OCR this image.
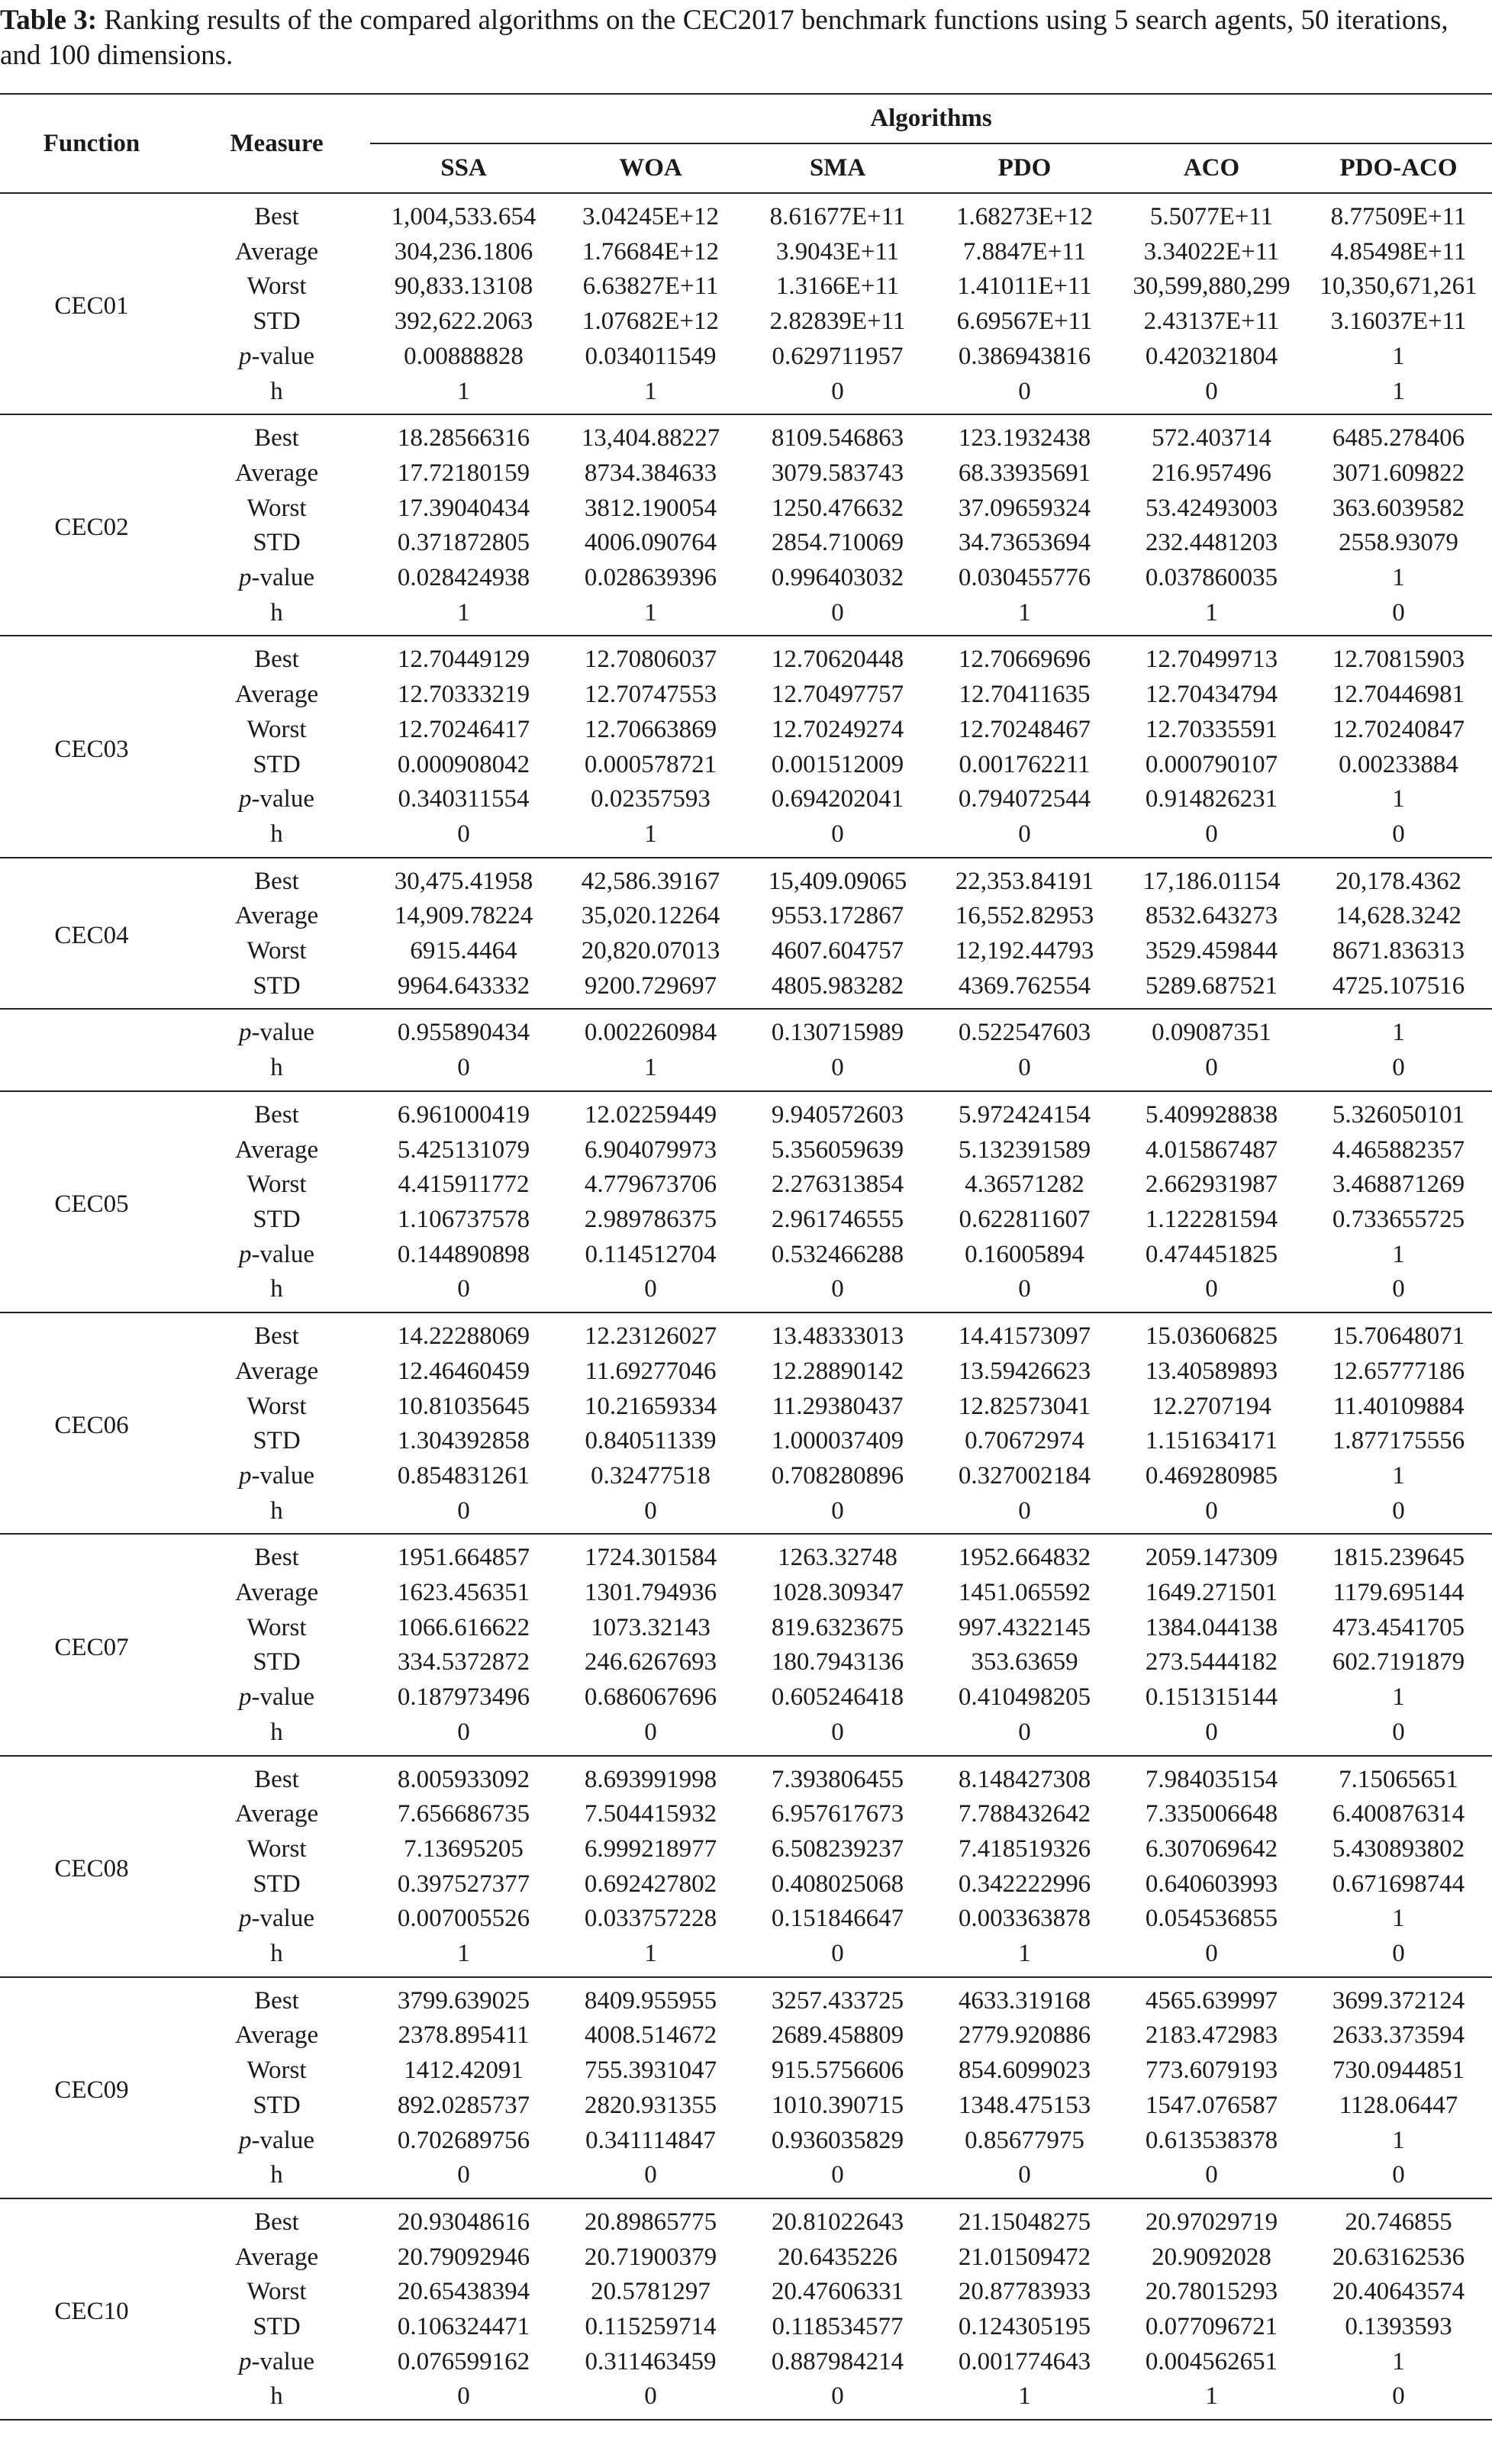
Table 3: Ranking results of the compared algorithms on the CEC2017 benchmark functions using 5 search agents, 50 iterations, and 100 dimensions.
Function	Measure	Algorithms					
		SSA	WOA	SMA	PDO	ACO	PDO-ACO
CEC01	Best	1,004,533.654	3.04245E+12	8.61677E+11	1.68273E+12	5.5077E+11	8.77509E+11
	Average	304,236.1806	1.76684E+12	3.9043E+11	7.8847E+11	3.34022E+11	4.85498E+11
	Worst	90,833.13108	6.63827E+11	1.3166E+11	1.41011E+11	30,599,880,299	10,350,671,261
	STD	392,622.2063	1.07682E+12	2.82839E+11	6.69567E+11	2.43137E+11	3.16037E+11
	p-value	0.00888828	0.034011549	0.629711957	0.386943816	0.420321804	1
	h	1	1	0	0	0	1
CEC02	Best	18.28566316	13,404.88227	8109.546863	123.1932438	572.403714	6485.278406
	Average	17.72180159	8734.384633	3079.583743	68.33935691	216.957496	3071.609822
	Worst	17.39040434	3812.190054	1250.476632	37.09659324	53.42493003	363.6039582
	STD	0.371872805	4006.090764	2854.710069	34.73653694	232.4481203	2558.93079
	p-value	0.028424938	0.028639396	0.996403032	0.030455776	0.037860035	1
	h	1	1	0	1	1	0
CEC03	Best	12.70449129	12.70806037	12.70620448	12.70669696	12.70499713	12.70815903
	Average	12.70333219	12.70747553	12.70497757	12.70411635	12.70434794	12.70446981
	Worst	12.70246417	12.70663869	12.70249274	12.70248467	12.70335591	12.70240847
	STD	0.000908042	0.000578721	0.001512009	0.001762211	0.000790107	0.00233884
	p-value	0.340311554	0.02357593	0.694202041	0.794072544	0.914826231	1
	h	0	1	0	0	0	0
CEC04	Best	30,475.41958	42,586.39167	15,409.09065	22,353.84191	17,186.01154	20,178.4362
	Average	14,909.78224	35,020.12264	9553.172867	16,552.82953	8532.643273	14,628.3242
	Worst	6915.4464	20,820.07013	4607.604757	12,192.44793	3529.459844	8671.836313
	STD	9964.643332	9200.729697	4805.983282	4369.762554	5289.687521	4725.107516
	p-value	0.955890434	0.002260984	0.130715989	0.522547603	0.09087351	1
	h	0	1	0	0	0	0
CEC05	Best	6.961000419	12.02259449	9.940572603	5.972424154	5.409928838	5.326050101
	Average	5.425131079	6.904079973	5.356059639	5.132391589	4.015867487	4.465882357
	Worst	4.415911772	4.779673706	2.276313854	4.36571282	2.662931987	3.468871269
	STD	1.106737578	2.989786375	2.961746555	0.622811607	1.122281594	0.733655725
	p-value	0.144890898	0.114512704	0.532466288	0.16005894	0.474451825	1
	h	0	0	0	0	0	0
CEC06	Best	14.22288069	12.23126027	13.48333013	14.41573097	15.03606825	15.70648071
	Average	12.46460459	11.69277046	12.28890142	13.59426623	13.40589893	12.65777186
	Worst	10.81035645	10.21659334	11.29380437	12.82573041	12.2707194	11.40109884
	STD	1.304392858	0.840511339	1.000037409	0.70672974	1.151634171	1.877175556
	p-value	0.854831261	0.32477518	0.708280896	0.327002184	0.469280985	1
	h	0	0	0	0	0	0
CEC07	Best	1951.664857	1724.301584	1263.32748	1952.664832	2059.147309	1815.239645
	Average	1623.456351	1301.794936	1028.309347	1451.065592	1649.271501	1179.695144
	Worst	1066.616622	1073.32143	819.6323675	997.4322145	1384.044138	473.4541705
	STD	334.5372872	246.6267693	180.7943136	353.63659	273.5444182	602.7191879
	p-value	0.187973496	0.686067696	0.605246418	0.410498205	0.151315144	1
	h	0	0	0	0	0	0
CEC08	Best	8.005933092	8.693991998	7.393806455	8.148427308	7.984035154	7.15065651
	Average	7.656686735	7.504415932	6.957617673	7.788432642	7.335006648	6.400876314
	Worst	7.13695205	6.999218977	6.508239237	7.418519326	6.307069642	5.430893802
	STD	0.397527377	0.692427802	0.408025068	0.342222996	0.640603993	0.671698744
	p-value	0.007005526	0.033757228	0.151846647	0.003363878	0.054536855	1
	h	1	1	0	1	0	0
CEC09	Best	3799.639025	8409.955955	3257.433725	4633.319168	4565.639997	3699.372124
	Average	2378.895411	4008.514672	2689.458809	2779.920886	2183.472983	2633.373594
	Worst	1412.42091	755.3931047	915.5756606	854.6099023	773.6079193	730.0944851
	STD	892.0285737	2820.931355	1010.390715	1348.475153	1547.076587	1128.06447
	p-value	0.702689756	0.341114847	0.936035829	0.85677975	0.613538378	1
	h	0	0	0	0	0	0
CEC10	Best	20.93048616	20.89865775	20.81022643	21.15048275	20.97029719	20.746855
	Average	20.79092946	20.71900379	20.6435226	21.01509472	20.9092028	20.63162536
	Worst	20.65438394	20.5781297	20.47606331	20.87783933	20.78015293	20.40643574
	STD	0.106324471	0.115259714	0.118534577	0.124305195	0.077096721	0.1393593
	p-value	0.076599162	0.311463459	0.887984214	0.001774643	0.004562651	1
	h	0	0	0	1	1	0
